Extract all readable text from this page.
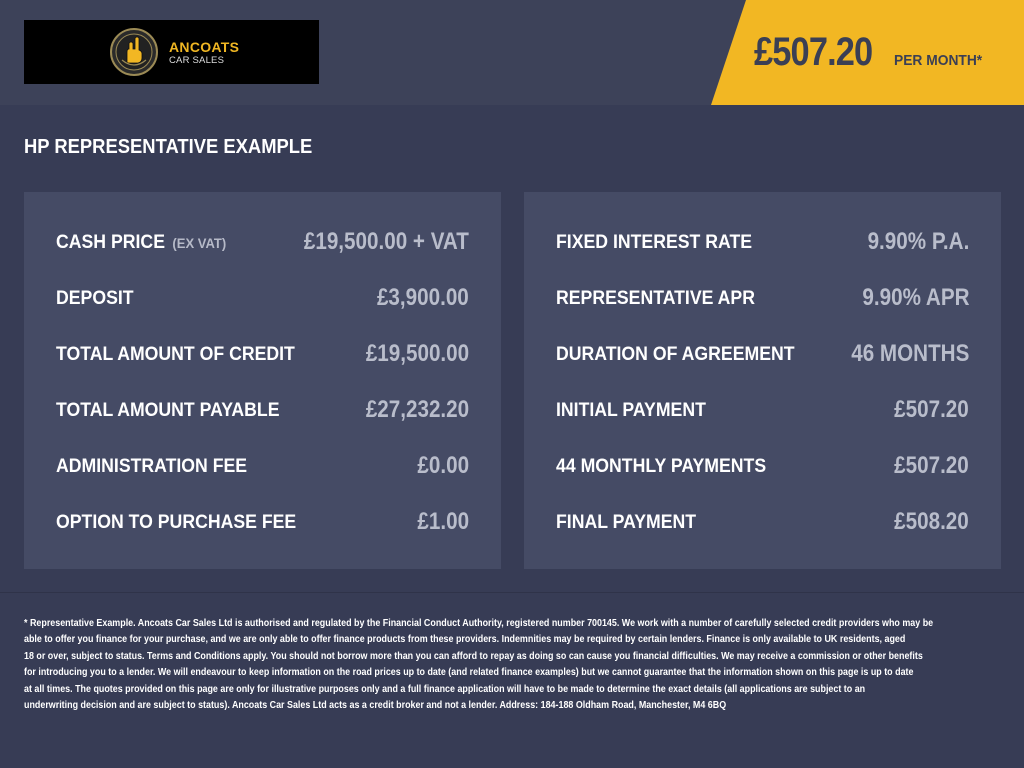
ANCOATS
CAR SALES	£507.20 PER MONTH*
HP REPRESENTATIVE EXAMPLE
CASH PRICE (EX VAT)	£19,500.00 + VAT
DEPOSIT	£3,900.00
TOTAL AMOUNT OF CREDIT	£19,500.00
TOTAL AMOUNT PAYABLE	£27,232.20
ADMINISTRATION FEE	£0.00
OPTION TO PURCHASE FEE	£1.00
FIXED INTEREST RATE	9.90% P.A.
REPRESENTATIVE APR	9.90% APR
DURATION OF AGREEMENT 46 MONTHS
INITIAL PAYMENT	£507.20
44 MONTHLY PAYMENTS	£507.20
FINAL PAYMENT	£508.20
* Representative Example. Ancoats Car Sales Ltd is authorised and regulated by the Financial Conduct Authority, registered number 700145. We work with a number of carefully selected credit providers who may be
able to offer you finance for your purchase, and we are only able to offer finance products from these providers. Indemnities may be required by certain lenders. Finance is only available to UK residents, aged
18 or over, subject to status. Terms and Conditions apply. You should not borrow more than you can afford to repay as doing so can cause you financial difficulties. We may receive a commission or other benefits
for introducing you to a lender. We will endeavour to keep information on the road prices up to date (and related finance examples) but we cannot guarantee that the information shown on this page is up to date
at all times. The quotes provided on this page are only for illustrative purposes only and a full finance application will have to be made to determine the exact details (all applications are subject to an
underwriting decision and are subject to status). Ancoats Car Sales Ltd acts as a credit broker and not a lender. Address: 184-188 Oldham Road, Manchester, M4 6BQ
